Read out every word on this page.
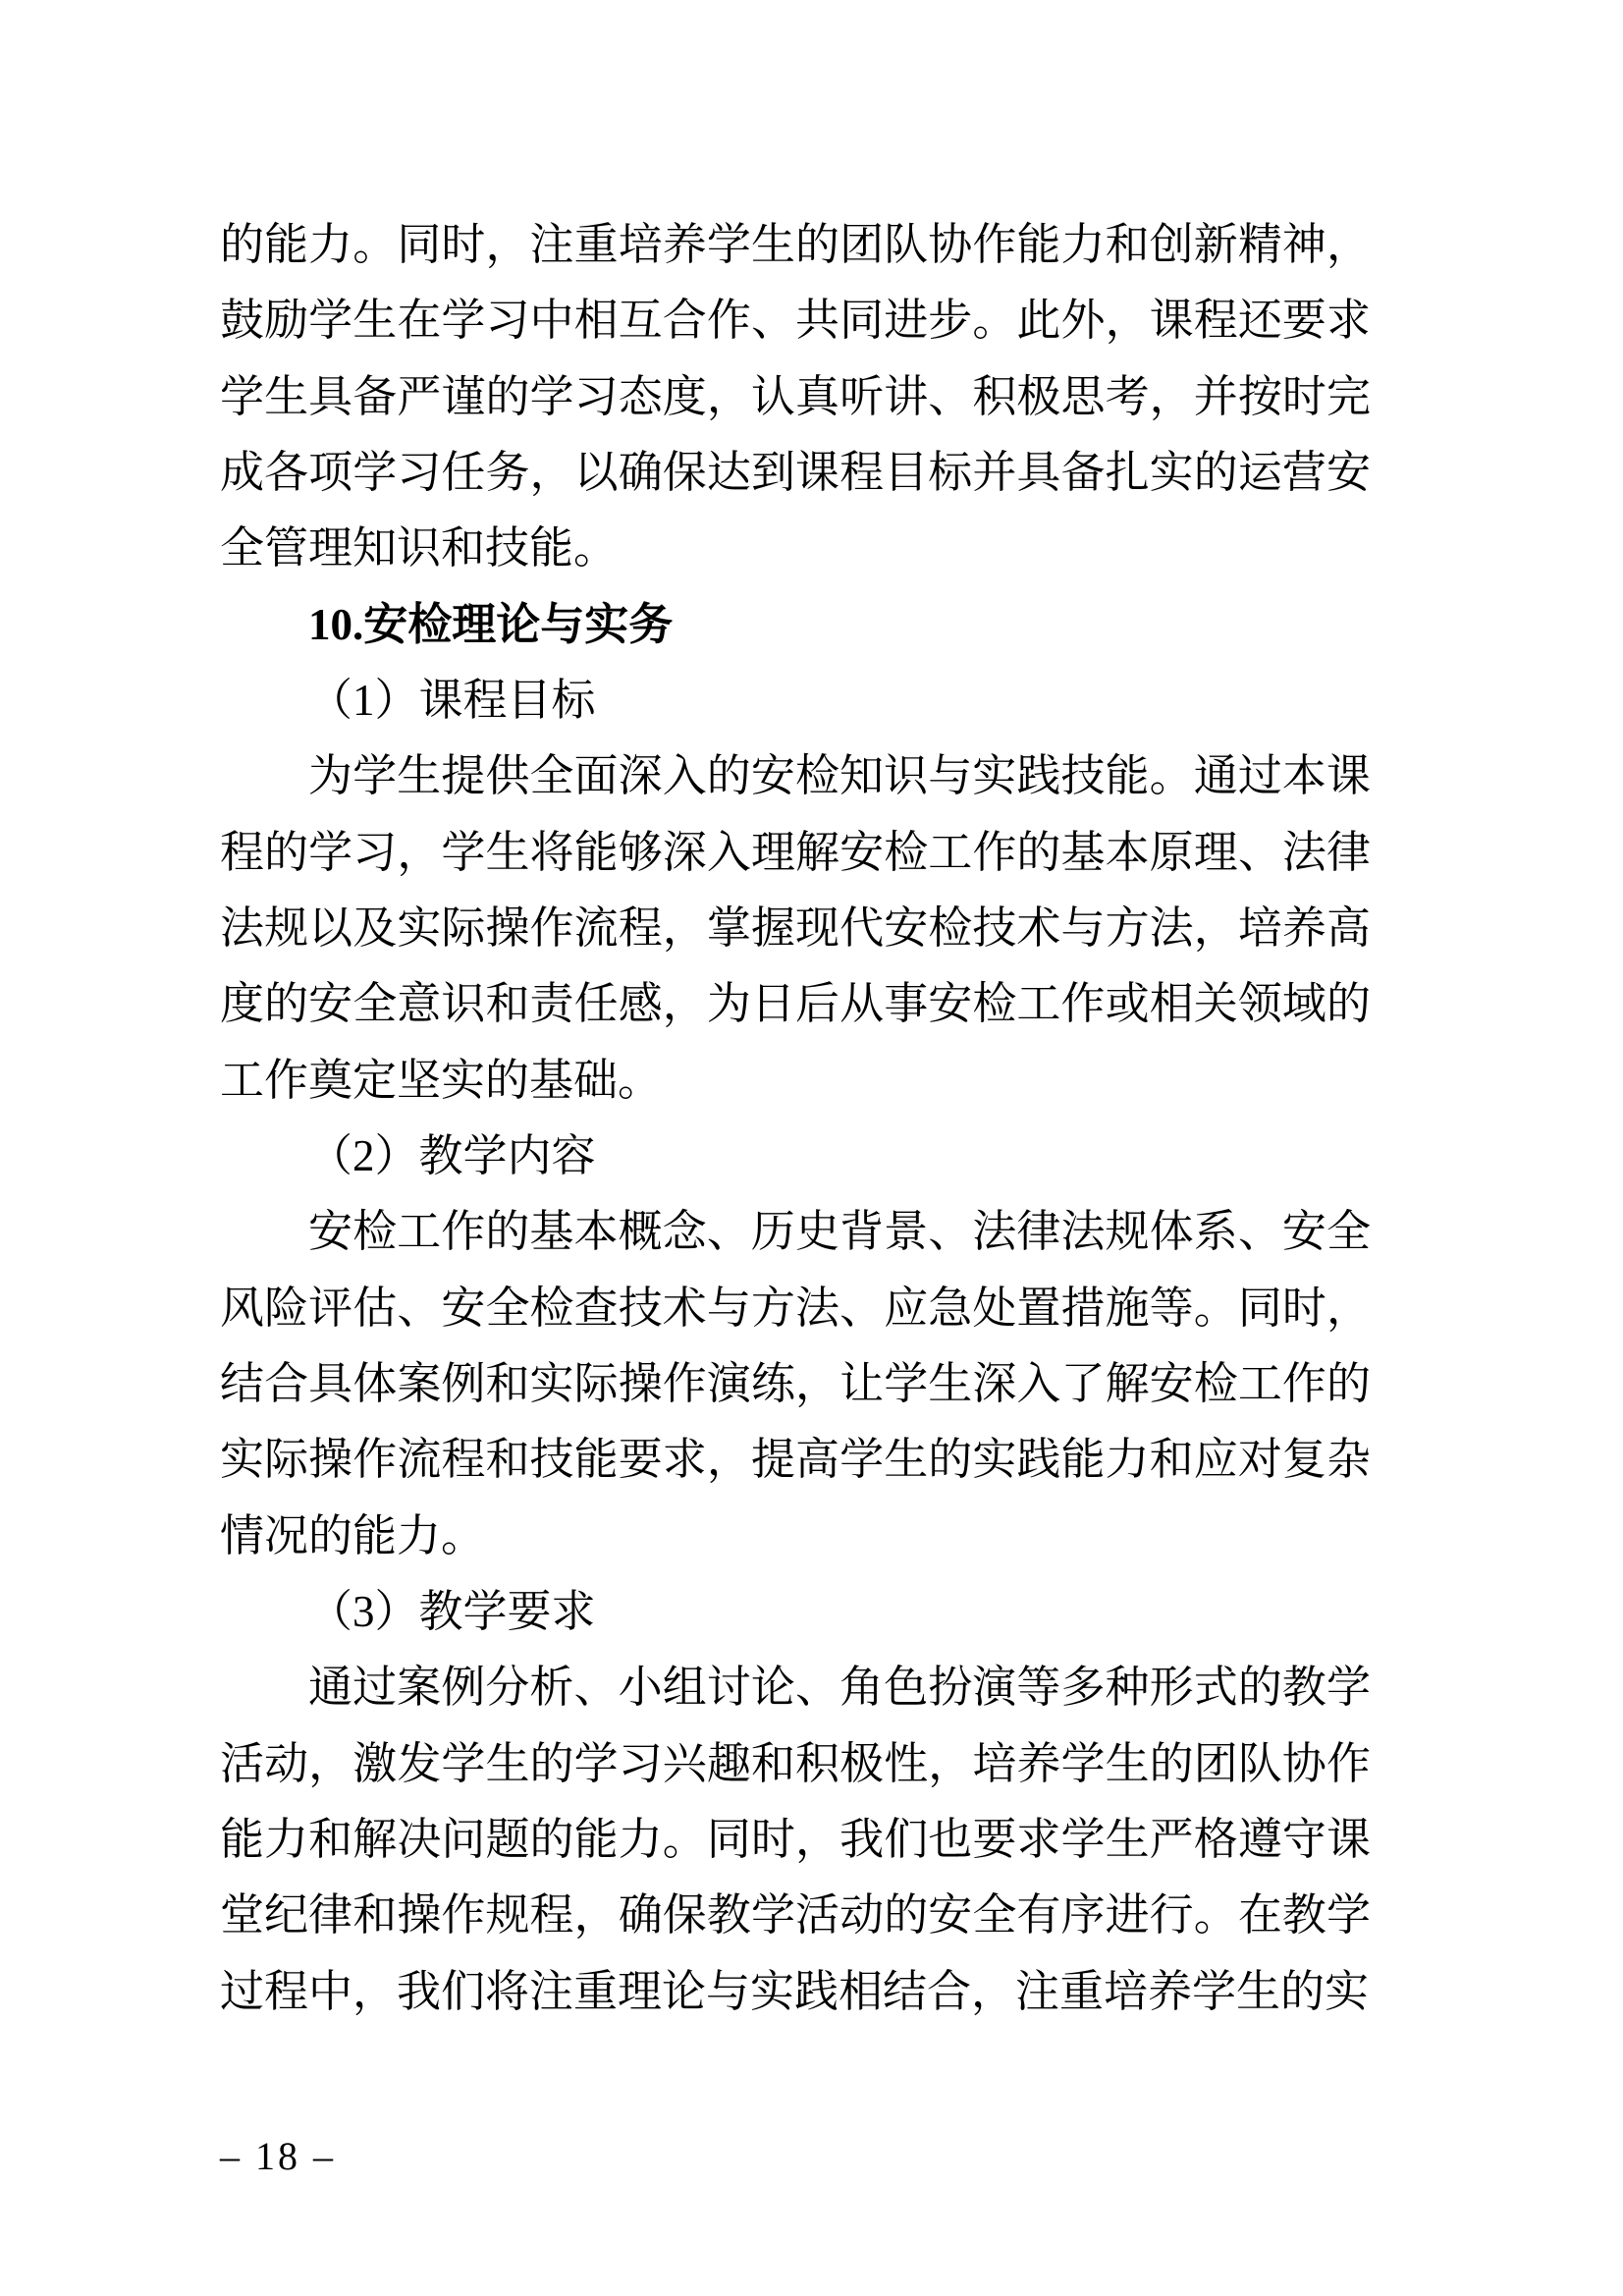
的能力。同时，注重培养学生的团队协作能力和创新精神，鼓励学生在学习中相互合作、共同进步。此外，课程还要求学生具备严谨的学习态度，认真听讲、积极思考，并按时完成各项学习任务，以确保达到课程目标并具备扎实的运营安全管理知识和技能。

10.安检理论与实务

（1）课程目标

为学生提供全面深入的安检知识与实践技能。通过本课程的学习，学生将能够深入理解安检工作的基本原理、法律法规以及实际操作流程，掌握现代安检技术与方法，培养高度的安全意识和责任感，为日后从事安检工作或相关领域的工作奠定坚实的基础。

（2）教学内容

安检工作的基本概念、历史背景、法律法规体系、安全风险评估、安全检查技术与方法、应急处置措施等。同时，结合具体案例和实际操作演练，让学生深入了解安检工作的实际操作流程和技能要求，提高学生的实践能力和应对复杂情况的能力。

（3）教学要求

通过案例分析、小组讨论、角色扮演等多种形式的教学活动，激发学生的学习兴趣和积极性，培养学生的团队协作能力和解决问题的能力。同时，我们也要求学生严格遵守课堂纪律和操作规程，确保教学活动的安全有序进行。在教学过程中，我们将注重理论与实践相结合，注重培养学生的实

– 18 –
